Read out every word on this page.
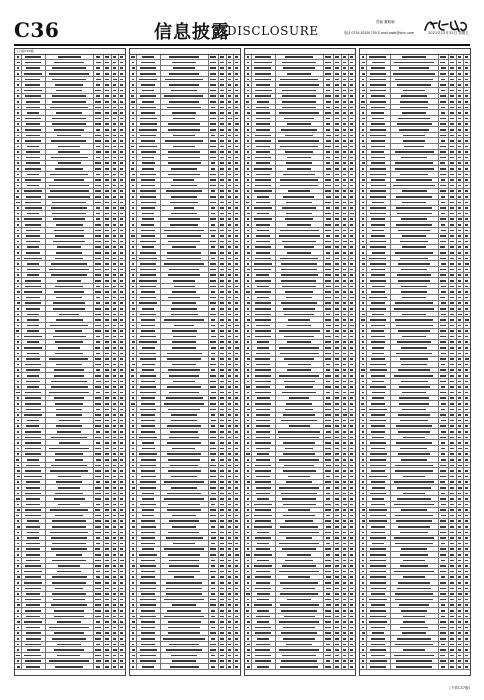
C36	信息披露
DISCLOSURE
责编 董聪颖
电话 0755-83501750 E-mail:zqsb@stcn.com	2021年12月31日 星期五
(上接C35版)
(下转C37版)
